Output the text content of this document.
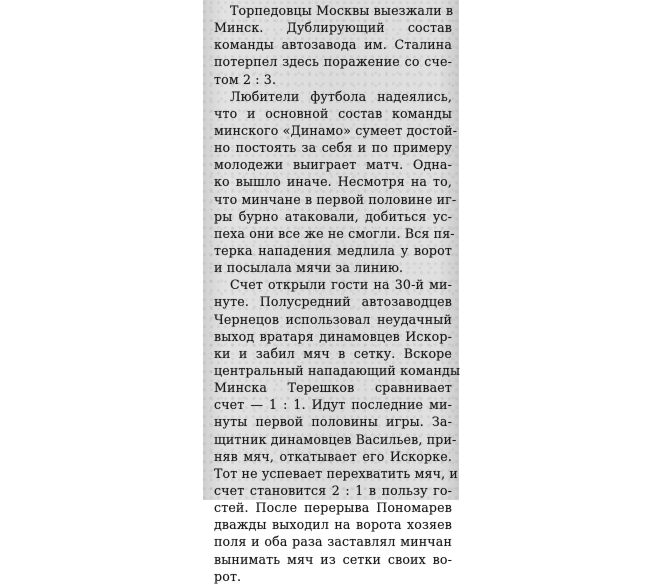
Торпедовцы Москвы выезжали в
Минск. Дублирующий состав
команды автозавода им. Сталина
потерпел здесь поражение со сче-
том 2 : 3.
Любители футбола надеялись,
что и основной состав команды
минского «Динамо» сумеет достой-
но постоять за себя и по примеру
молодежи выиграет матч. Одна-
ко вышло иначе. Несмотря на то,
что минчане в первой половине иг-
ры бурно атаковали, добиться ус-
пеха они все же не смогли. Вся пя-
терка нападения медлила у ворот
и посылала мячи за линию.
Счет открыли гости на 30-й ми-
нуте. Полусредний автозаводцев
Чернецов использовал неудачный
выход вратаря динамовцев Искор-
ки и забил мяч в сетку. Вскоре
центральный нападающий команды
Минска Терешков сравнивает
счет — 1 : 1. Идут последние ми-
нуты первой половины игры. За-
щитник динамовцев Васильев, при-
няв мяч, откатывает его Искорке.
Тот не успевает перехватить мяч, и
счет становится 2 : 1 в пользу го-
стей. После перерыва Пономарев
дважды выходил на ворота хозяев
поля и оба раза заставлял минчан
вынимать мяч из сетки своих во-
рот.
